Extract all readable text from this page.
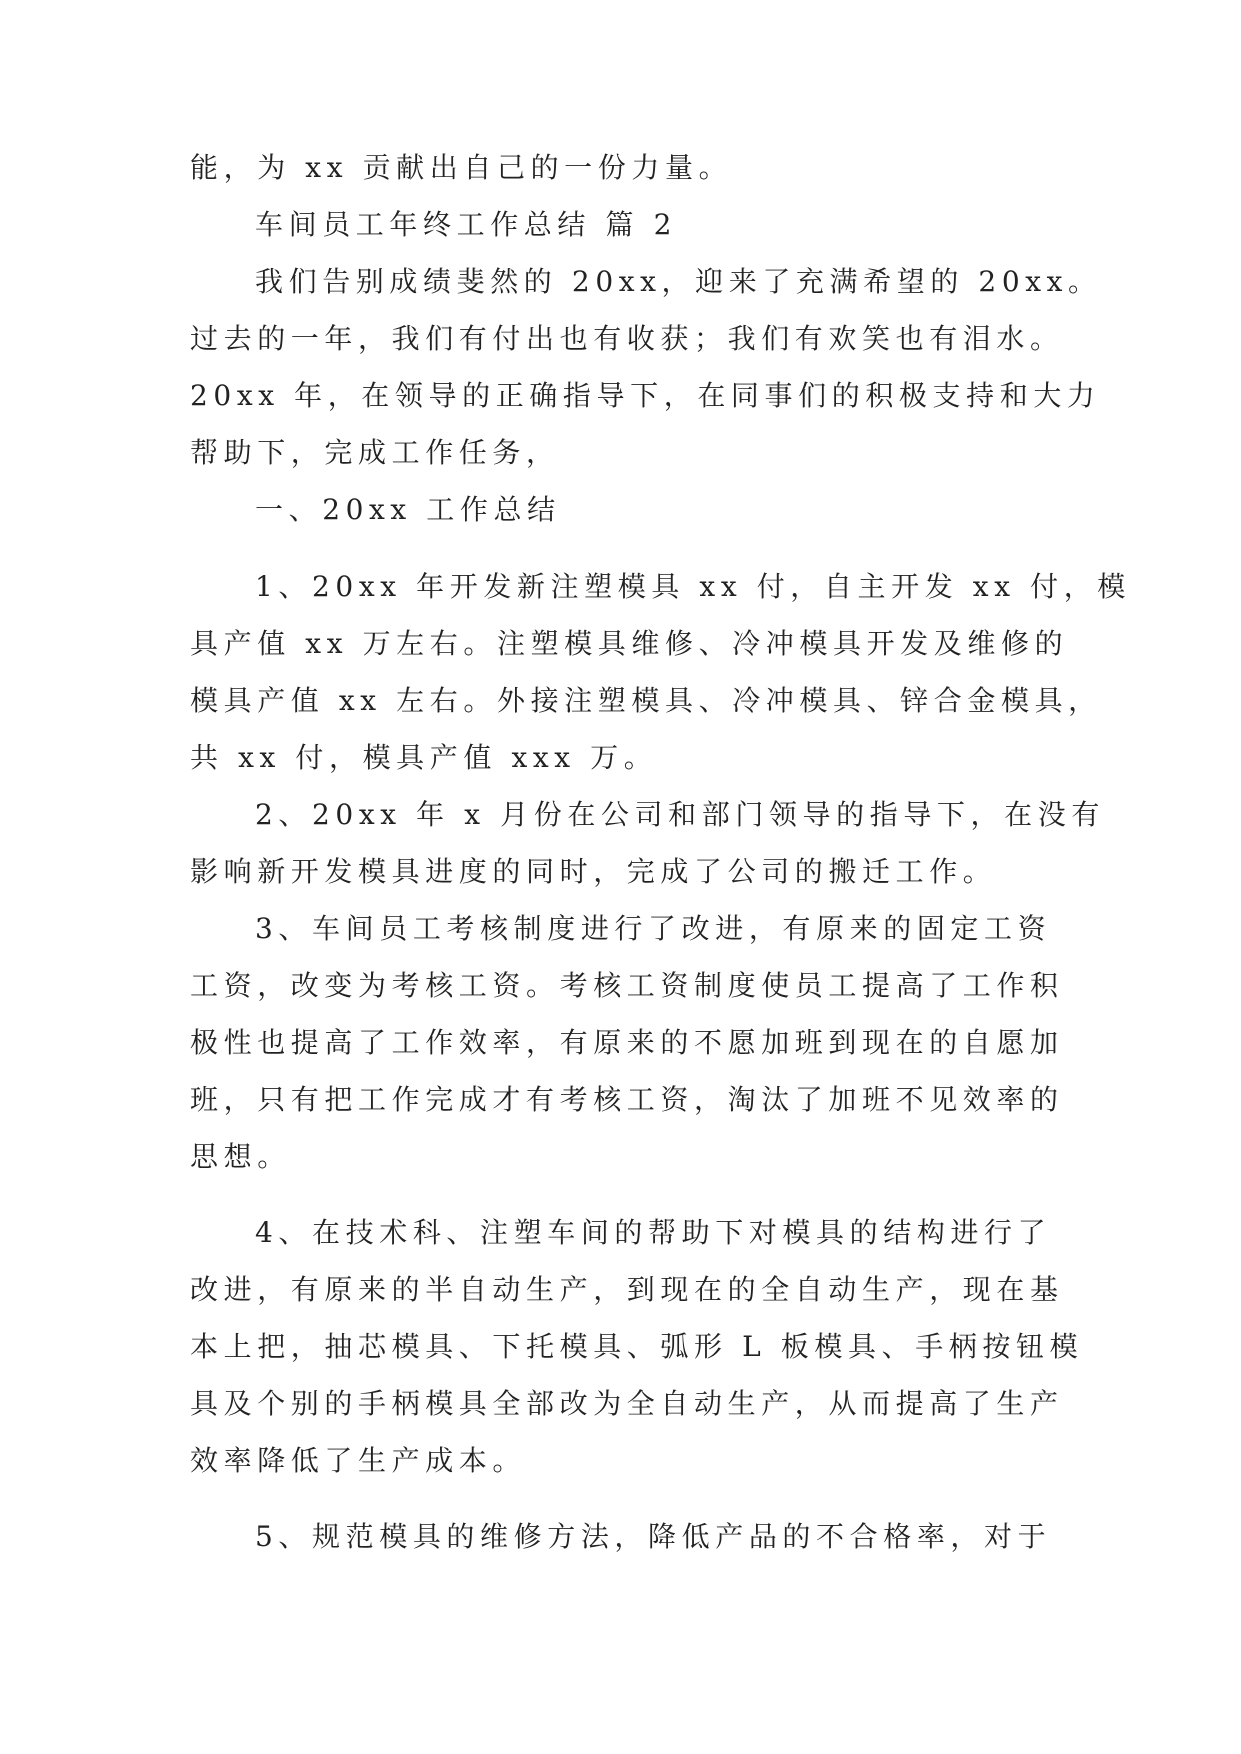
能，为 xx 贡献出自己的一份力量。
车间员工年终工作总结 篇 2
我们告别成绩斐然的 20xx，迎来了充满希望的 20xx。
过去的一年，我们有付出也有收获；我们有欢笑也有泪水。
20xx 年，在领导的正确指导下，在同事们的积极支持和大力
帮助下，完成工作任务，
一、20xx 工作总结
1、20xx 年开发新注塑模具 xx 付，自主开发 xx 付，模
具产值 xx 万左右。注塑模具维修、冷冲模具开发及维修的
模具产值 xx 左右。外接注塑模具、冷冲模具、锌合金模具，
共 xx 付，模具产值 xxx 万。
2、20xx 年 x 月份在公司和部门领导的指导下，在没有
影响新开发模具进度的同时，完成了公司的搬迁工作。
3、车间员工考核制度进行了改进，有原来的固定工资
工资，改变为考核工资。考核工资制度使员工提高了工作积
极性也提高了工作效率，有原来的不愿加班到现在的自愿加
班，只有把工作完成才有考核工资，淘汰了加班不见效率的
思想。
4、在技术科、注塑车间的帮助下对模具的结构进行了
改进，有原来的半自动生产，到现在的全自动生产，现在基
本上把，抽芯模具、下托模具、弧形 L 板模具、手柄按钮模
具及个别的手柄模具全部改为全自动生产，从而提高了生产
效率降低了生产成本。
5、规范模具的维修方法，降低产品的不合格率，对于
